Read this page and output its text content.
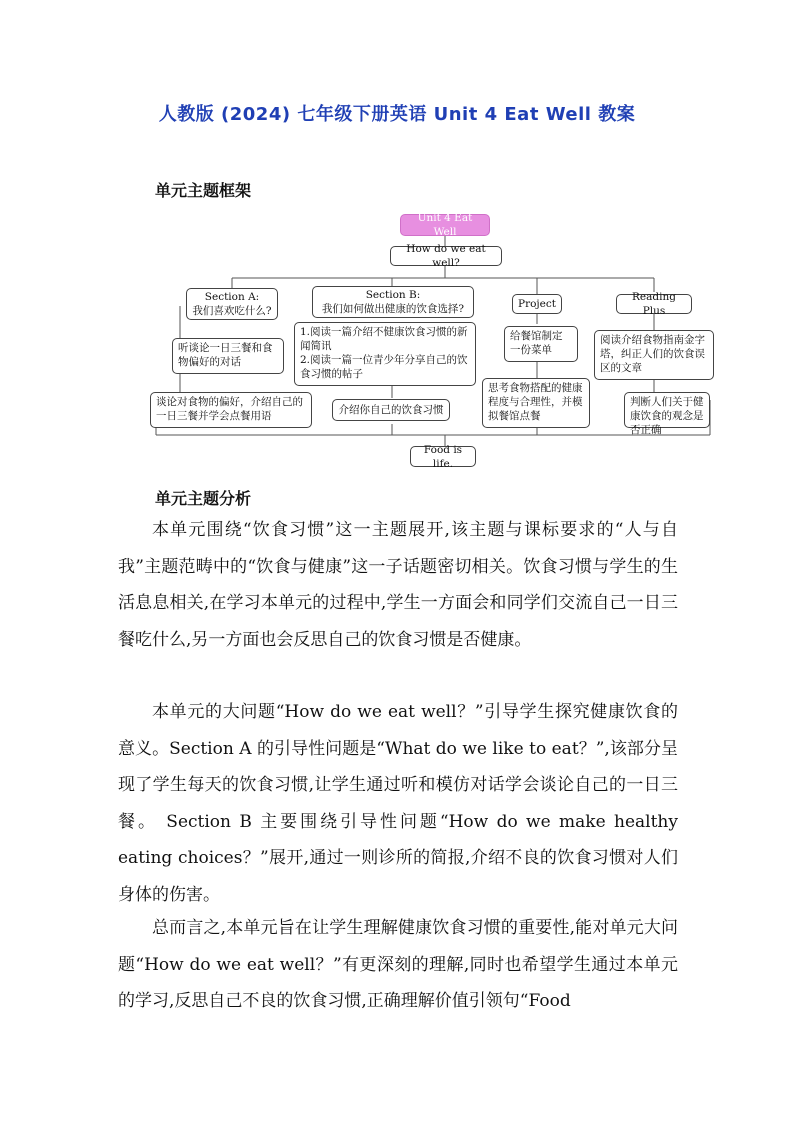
人教版 (2024) 七年级下册英语 Unit 4 Eat Well 教案
单元主题框架
Unit 4 Eat Well
How do we eat well?
Section A:
我们喜欢吃什么?
听谈论一日三餐和食物偏好的对话
谈论对食物的偏好，介绍自己的一日三餐并学会点餐用语
Section B:
我们如何做出健康的饮食选择?
1.阅读一篇介绍不健康饮食习惯的新闻简讯
2.阅读一篇一位青少年分享自己的饮食习惯的帖子
介绍你自己的饮食习惯
Project
给餐馆制定一份菜单
思考食物搭配的健康程度与合理性，并模拟餐馆点餐
Reading Plus
阅读介绍食物指南金字塔，纠正人们的饮食误区的文章
判断人们关于健康饮食的观念是否正确
Food is life.
单元主题分析
本单元围绕“饮食习惯”这一主题展开,该主题与课标要求的“人与自我”主题范畴中的“饮食与健康”这一子话题密切相关。饮食习惯与学生的生活息息相关,在学习本单元的过程中,学生一方面会和同学们交流自己一日三餐吃什么,另一方面也会反思自己的饮食习惯是否健康。
本单元的大问题“How do we eat well？”引导学生探究健康饮食的意义。Section A 的引导性问题是“What do we like to eat？”,该部分呈现了学生每天的饮食习惯,让学生通过听和模仿对话学会谈论自己的一日三餐。 Section B 主要围绕引导性问题“How do we make healthy eating choices？”展开,通过一则诊所的简报,介绍不良的饮食习惯对人们身体的伤害。
总而言之,本单元旨在让学生理解健康饮食习惯的重要性,能对单元大问题“How do we eat well？”有更深刻的理解,同时也希望学生通过本单元的学习,反思自己不良的饮食习惯,正确理解价值引领句“Food
